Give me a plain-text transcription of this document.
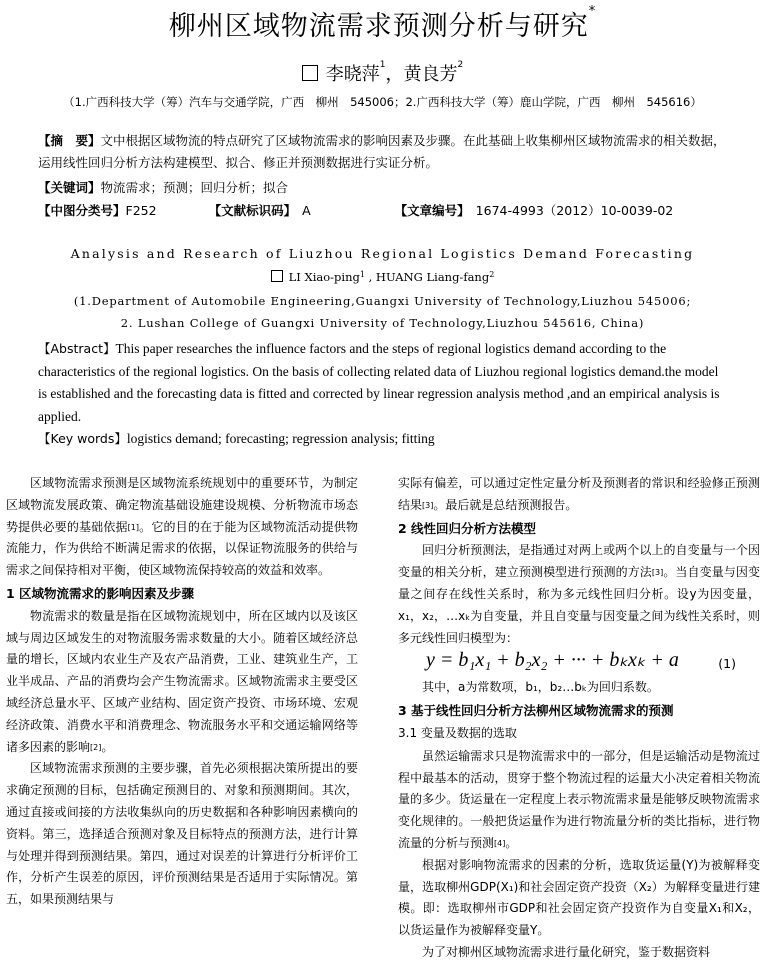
柳州区域物流需求预测分析与研究*
李晓萍$^1$，黄良芳$^2$
（1.广西科技大学（筹）汽车与交通学院，广西　柳州　545006；2.广西科技大学（筹）鹿山学院，广西　柳州　545616）
【摘　要】文中根据区域物流的特点研究了区域物流需求的影响因素及步骤。在此基础上收集柳州区域物流需求的相关数据，运用线性回归分析方法构建模型、拟合、修正并预测数据进行实证分析。
【关键词】物流需求；预测；回归分析；拟合
【中图分类号】F252	【文献标识码】 A	【文章编号】 1674-4993（2012）10-0039-02
Analysis and Research of Liuzhou Regional Logistics Demand Forecasting
LI Xiao-ping$^1$ , HUANG Liang-fang$^2$
(1.Department of Automobile Engineering,Guangxi University of Technology,Liuzhou 545006;
2. Lushan College of Guangxi University of Technology,Liuzhou 545616, China)
【Abstract】This paper researches the influence factors and the steps of regional logistics demand according to the characteristics of the regional logistics. On the basis of collecting related data of Liuzhou regional logistics demand.the model is established and the forecasting data is fitted and corrected by linear regression analysis method ,and an empirical analysis is applied.
【Key words】logistics demand; forecasting; regression analysis; fitting

区域物流需求预测是区域物流系统规划中的重要环节，为制定区域物流发展政策、确定物流基础设施建设规模、分析物流市场态势提供必要的基础依据[1]。它的目的在于能为区域物流活动提供物流能力，作为供给不断满足需求的依据，以保证物流服务的供给与需求之间保持相对平衡，使区域物流保持较高的效益和效率。

1 区域物流需求的影响因素及步骤

物流需求的数量是指在区域物流规划中，所在区域内以及该区域与周边区域发生的对物流服务需求数量的大小。随着区域经济总量的增长，区域内农业生产及农产品消费，工业、建筑业生产，工业半成品、产品的消费均会产生物流需求。区域物流需求主要受区域经济总量水平、区域产业结构、固定资产投资、市场环境、宏观经济政策、消费水平和消费理念、物流服务水平和交通运输网络等诸多因素的影响[2]。

区域物流需求预测的主要步骤，首先必须根据决策所提出的要求确定预测的目标，包括确定预测目的、对象和预测期间。其次，通过直接或间接的方法收集纵向的历史数据和各种影响因素横向的资料。第三，选择适合预测对象及目标特点的预测方法，进行计算与处理并得到预测结果。第四，通过对误差的计算进行分析评价工作，分析产生误差的原因，评价预测结果是否适用于实际情况。第五，如果预测结果与

实际有偏差，可以通过定性定量分析及预测者的常识和经验修正预测结果[3]。最后就是总结预测报告。

2 线性回归分析方法模型

回归分析预测法，是指通过对两上或两个以上的自变量与一个因变量的相关分析，建立预测模型进行预测的方法[3]。当自变量与因变量之间存在线性关系时，称为多元线性回归分析。设y为因变量，x₁，x₂，…xₖ为自变量，并且自变量与因变量之间为线性关系时，则多元线性回归模型为：

y = b₁x₁ + b₂x₂ + ··· + bₖxₖ + a	(1)

其中，a为常数项，b₁，b₂…bₖ为回归系数。

3 基于线性回归分析方法柳州区域物流需求的预测
3.1 变量及数据的选取

虽然运输需求只是物流需求中的一部分，但是运输活动是物流过程中最基本的活动，贯穿于整个物流过程的运量大小决定着相关物流量的多少。货运量在一定程度上表示物流需求量是能够反映物流需求变化规律的。一般把货运量作为进行物流量分析的类比指标，进行物流量的分析与预测[4]。

根据对影响物流需求的因素的分析，选取货运量(Y)为被解释变量，选取柳州GDP(X₁)和社会固定资产投资（X₂）为解释变量进行建模。即：选取柳州市GDP和社会固定资产投资作为自变量X₁和X₂，以货运量作为被解释变量Y。

为了对柳州区域物流需求进行量化研究，鉴于数据资料
